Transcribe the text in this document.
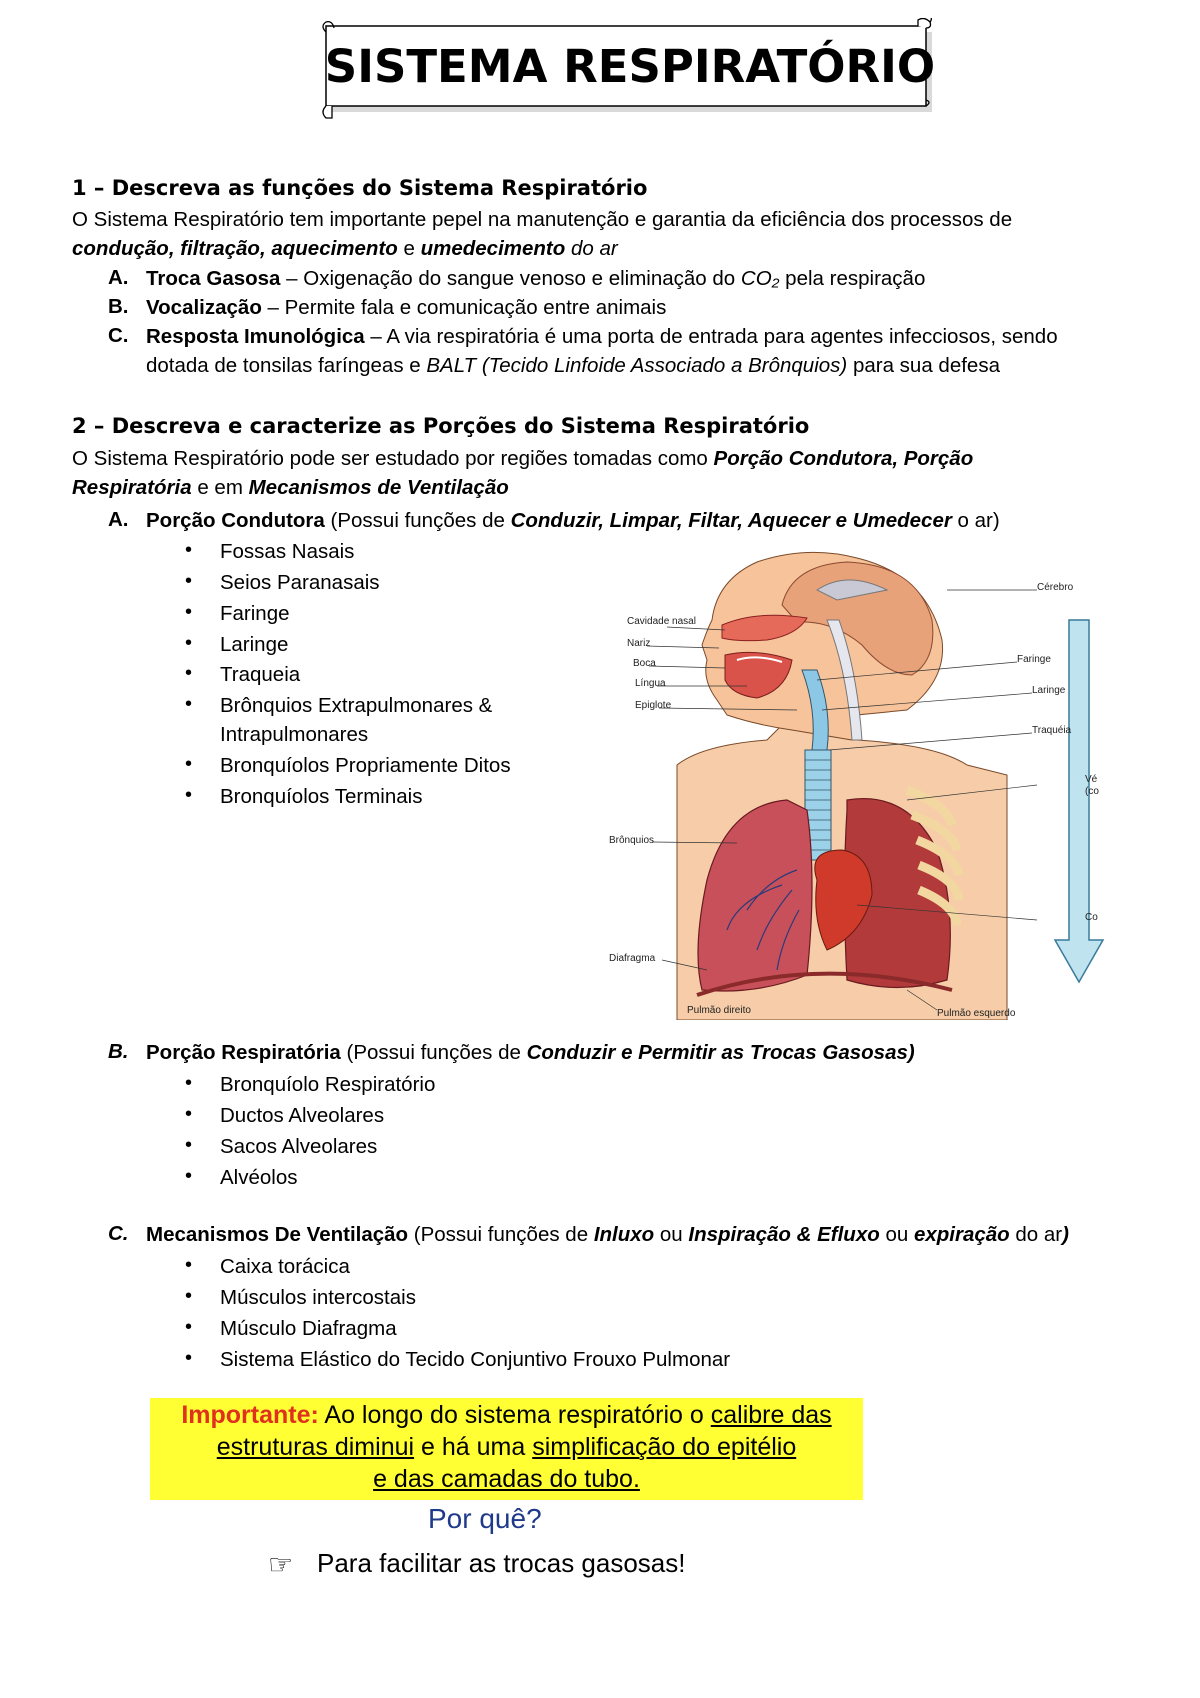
SISTEMA RESPIRATÓRIO
1 – Descreva as funções do Sistema Respiratório
O Sistema Respiratório tem importante pepel na manutenção e garantia da eficiência dos processos de
condução, filtração, aquecimento e umedecimento do ar
A. Troca Gasosa – Oxigenação do sangue venoso e eliminação do CO₂ pela respiração
B. Vocalização – Permite fala e comunicação entre animais
C. Resposta Imunológica – A via respiratória é uma porta de entrada para agentes infecciosos, sendo
dotada de tonsilas faríngeas e BALT (Tecido Linfoide Associado a Brônquios) para sua defesa
2 – Descreva e caracterize as Porções do Sistema Respiratório
O Sistema Respiratório pode ser estudado por regiões tomadas como Porção Condutora, Porção
Respiratória e em Mecanismos de Ventilação
A. Porção Condutora (Possui funções de Conduzir, Limpar, Filtar, Aquecer e Umedecer o ar)
• Fossas Nasais
• Seios Paranasais
• Faringe
• Laringe
• Traqueia
• Brônquios Extrapulmonares &
Intrapulmonares
• Bronquíolos Propriamente Ditos
• Bronquíolos Terminais
Cérebro
Cavidade nasal
Nariz
Boca
Língua
Epiglote
Faringe
Laringe
Traquéia
Vé
(co
Brônquios
Co
Diafragma
Pulmão direito	Pulmão esquerdo
B. Porção Respiratória (Possui funções de Conduzir e Permitir as Trocas Gasosas)
• Bronquíolo Respiratório
• Ductos Alveolares
• Sacos Alveolares
• Alvéolos
C. Mecanismos De Ventilação (Possui funções de Inluxo ou Inspiração & Efluxo ou expiração do ar)
• Caixa torácica
• Músculos intercostais
• Músculo Diafragma
• Sistema Elástico do Tecido Conjuntivo Frouxo Pulmonar
Importante: Ao longo do sistema respiratório o calibre das
estruturas diminui e há uma simplificação do epitélio
e das camadas do tubo.
Por quê?
☞ Para facilitar as trocas gasosas!
